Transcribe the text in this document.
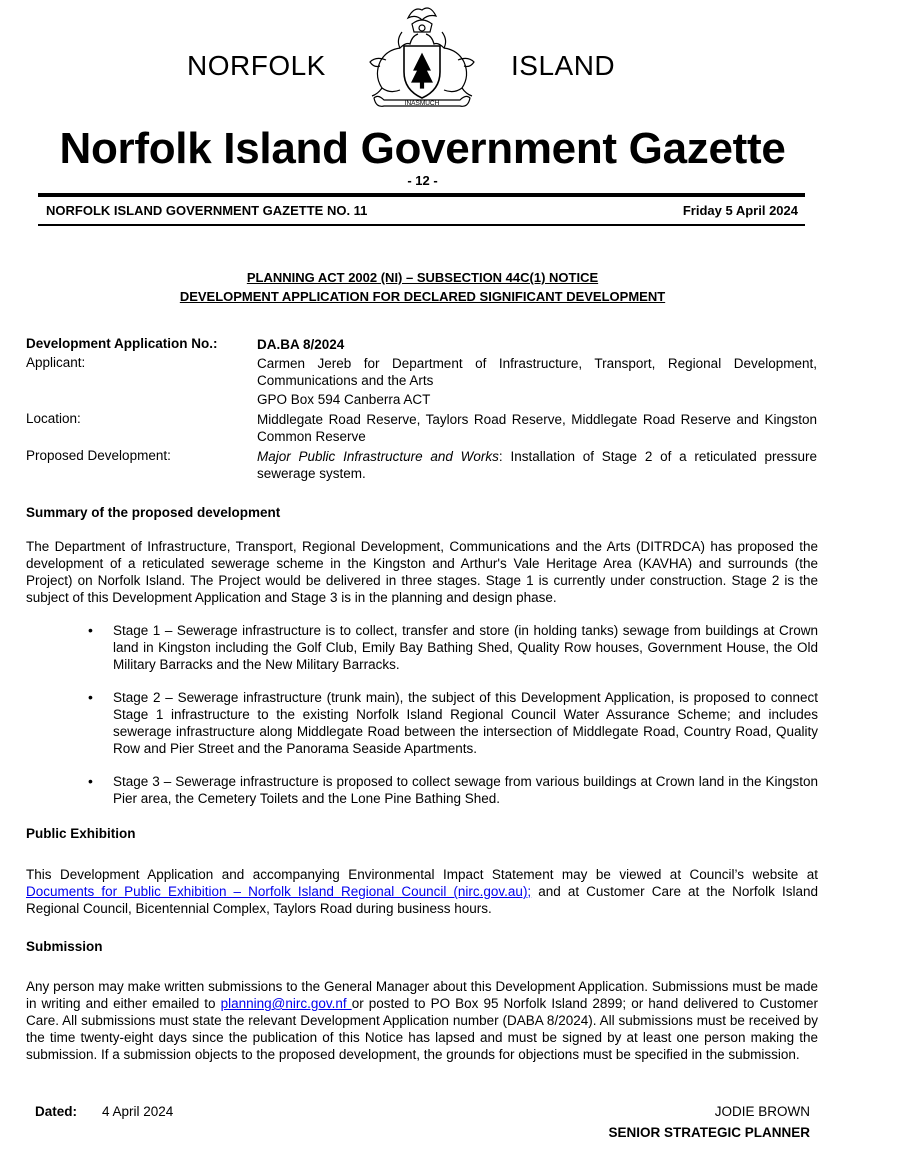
NORFOLK	ISLAND
INASMUCH
Norfolk Island Government Gazette
- 12 -
NORFOLK ISLAND GOVERNMENT GAZETTE NO. 11	Friday 5 April 2024
PLANNING ACT 2002 (NI) – SUBSECTION 44C(1) NOTICE
DEVELOPMENT APPLICATION FOR DECLARED SIGNIFICANT DEVELOPMENT
Development Application No.:	DA.BA 8/2024
Applicant:	Carmen Jereb for Department of Infrastructure, Transport, Regional Development, Communications and the Arts
GPO Box 594 Canberra ACT
Location:	Middlegate Road Reserve, Taylors Road Reserve, Middlegate Road Reserve and Kingston Common Reserve
Proposed Development:	Major Public Infrastructure and Works: Installation of Stage 2 of a reticulated pressure sewerage system.
Summary of the proposed development
The Department of Infrastructure, Transport, Regional Development, Communications and the Arts (DITRDCA) has proposed the development of a reticulated sewerage scheme in the Kingston and Arthur's Vale Heritage Area (KAVHA) and surrounds (the Project) on Norfolk Island. The Project would be delivered in three stages. Stage 1 is currently under construction. Stage 2 is the subject of this Development Application and Stage 3 is in the planning and design phase.
• Stage 1 – Sewerage infrastructure is to collect, transfer and store (in holding tanks) sewage from buildings at Crown land in Kingston including the Golf Club, Emily Bay Bathing Shed, Quality Row houses, Government House, the Old Military Barracks and the New Military Barracks.
• Stage 2 – Sewerage infrastructure (trunk main), the subject of this Development Application, is proposed to connect Stage 1 infrastructure to the existing Norfolk Island Regional Council Water Assurance Scheme; and includes sewerage infrastructure along Middlegate Road between the intersection of Middlegate Road, Country Road, Quality Row and Pier Street and the Panorama Seaside Apartments.
• Stage 3 – Sewerage infrastructure is proposed to collect sewage from various buildings at Crown land in the Kingston Pier area, the Cemetery Toilets and the Lone Pine Bathing Shed.
Public Exhibition
This Development Application and accompanying Environmental Impact Statement may be viewed at Council’s website at Documents for Public Exhibition – Norfolk Island Regional Council (nirc.gov.au); and at Customer Care at the Norfolk Island Regional Council, Bicentennial Complex, Taylors Road during business hours.
Submission
Any person may make written submissions to the General Manager about this Development Application. Submissions must be made in writing and either emailed to planning@nirc.gov.nf or posted to PO Box 95 Norfolk Island 2899; or hand delivered to Customer Care. All submissions must state the relevant Development Application number (DABA 8/2024). All submissions must be received by the time twenty-eight days since the publication of this Notice has lapsed and must be signed by at least one person making the submission. If a submission objects to the proposed development, the grounds for objections must be specified in the submission.
Dated: 4 April 2024	JODIE BROWN
SENIOR STRATEGIC PLANNER
